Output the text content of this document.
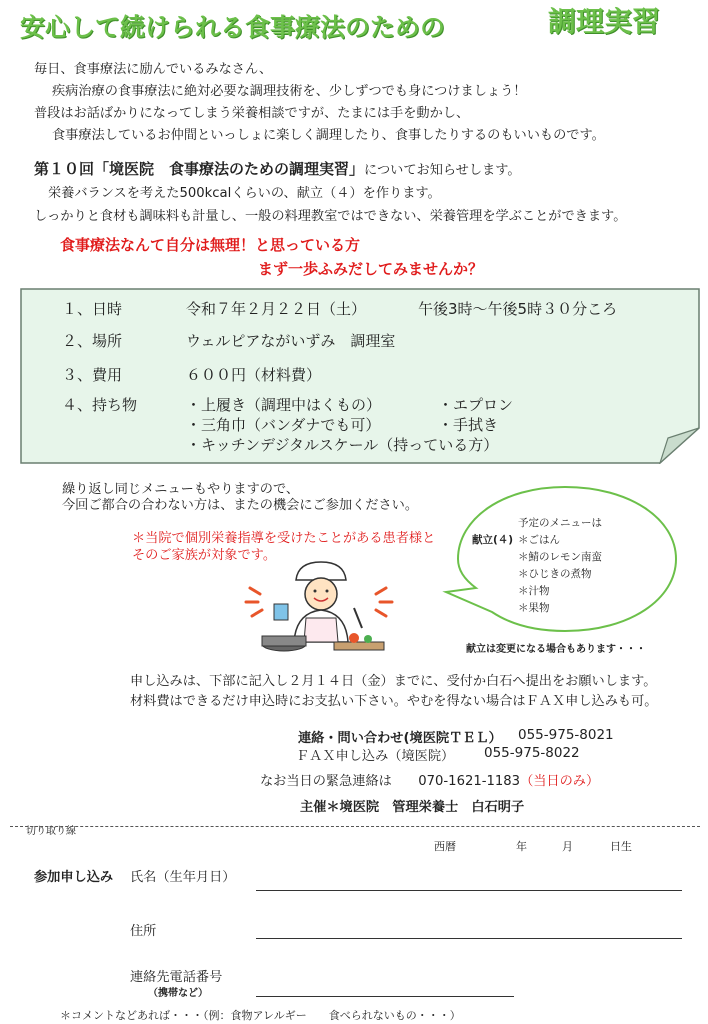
安心して続けられる食事療法のための	調理実習
毎日、食事療法に励んでいるみなさん、
疾病治療の食事療法に絶対必要な調理技術を、少しずつでも身につけましょう！
普段はお話ばかりになってしまう栄養相談ですが、たまには手を動かし、
食事療法しているお仲間といっしょに楽しく調理したり、食事したりするのもいいものです。
第１０回「境医院　食事療法のための調理実習」についてお知らせします。
栄養バランスを考えた500kcalくらいの、献立（４）を作ります。
しっかりと食材も調味料も計量し、一般の料理教室ではできない、栄養管理を学ぶことができます。
食事療法なんて自分は無理！と思っている方
まず一歩ふみだしてみませんか？
１、日時	令和７年２月２２日（土）	午後3時～午後5時３０分ころ
２、場所	ウェルピアながいずみ　調理室
３、費用	６００円（材料費）
４、持ち物	・上履き（調理中はくもの）	・エプロン
・三角巾（バンダナでも可）	・手拭き
・キッチンデジタルスケール（持っている方）
繰り返し同じメニューもやりますので、
今回ご都合の合わない方は、またの機会にご参加ください。
＊当院で個別栄養指導を受けたことがある患者様と
そのご家族が対象です。
予定のメニューは
献立(４) ＊ごはん
＊鯖のレモン南蛮
＊ひじきの煮物
＊汁物
＊果物
献立は変更になる場合もあります・・・
申し込みは、下部に記入し２月１４日（金）までに、受付か白石へ提出をお願いします。
材料費はできるだけ申込時にお支払い下さい。やむを得ない場合はＦＡＸ申し込みも可。
連絡・問い合わせ(境医院ＴＥＬ） 055-975-8021
ＦＡＸ申し込み（境医院） 055-975-8022
なお当日の緊急連絡は　　 070-1621-1183（当日のみ）
主催＊境医院　管理栄養士　白石明子
切り取り線
西暦	年	月	日生
参加申し込み 氏名（生年月日）
住所
連絡先電話番号
（携帯など）
＊コメントなどあれば・・・（例：食物アレルギー　　食べられないもの・・・）
